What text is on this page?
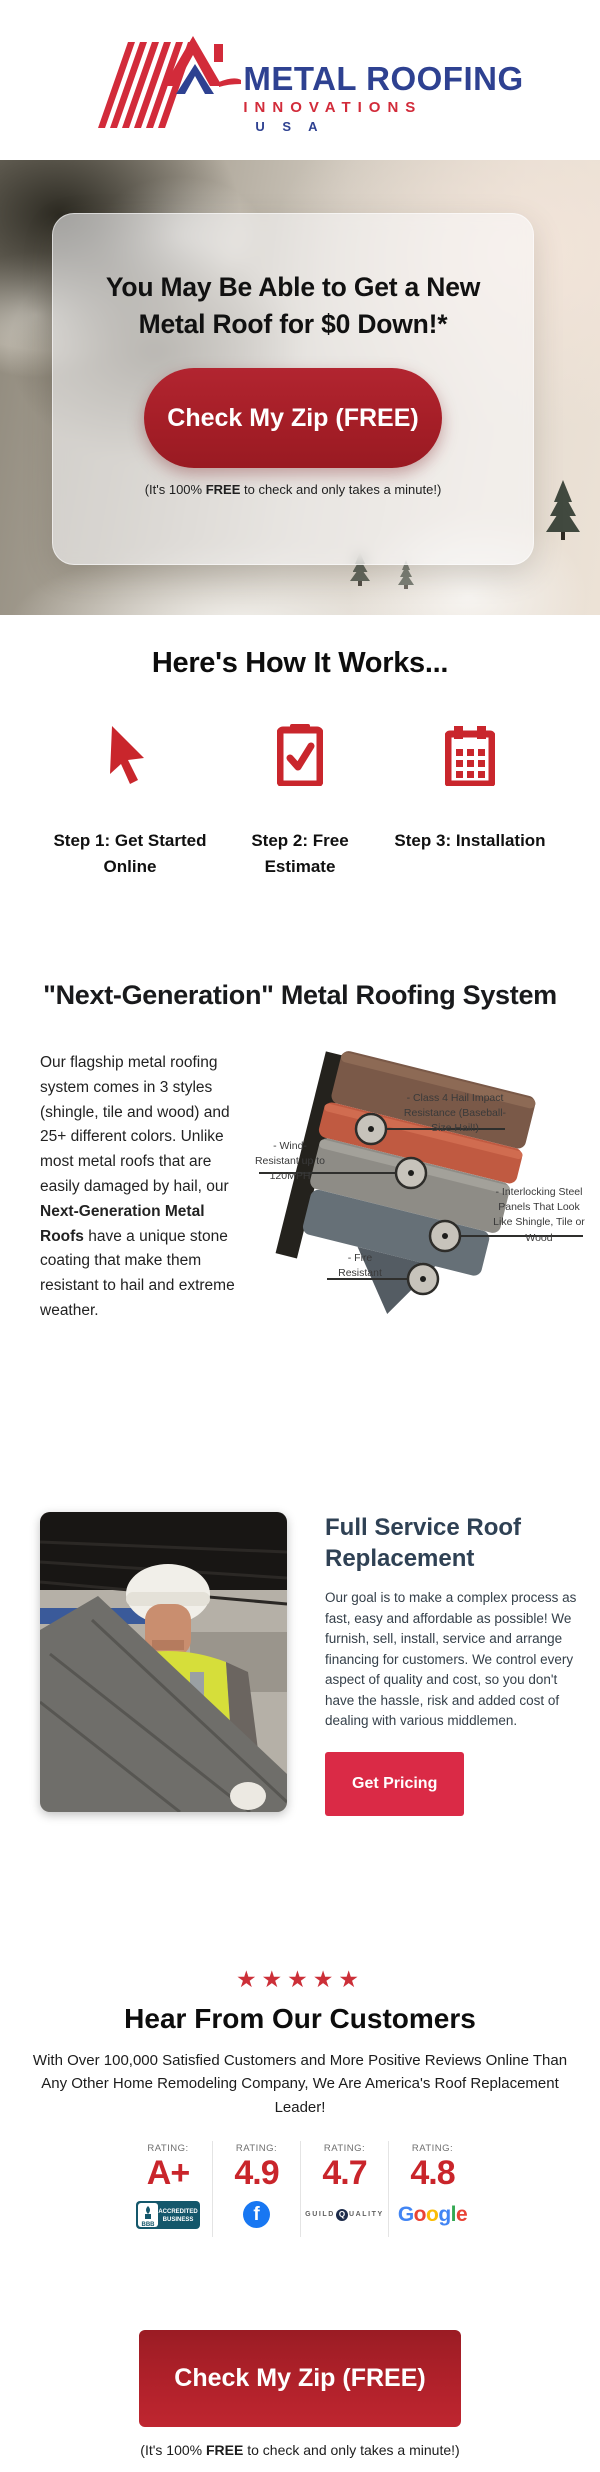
METAL ROOFING
INNOVATIONS
U S A
You May Be Able to Get a New Metal Roof for $0 Down!*
Check My Zip (FREE)
(It's 100% FREE to check and only takes a minute!)
Here's How It Works...
Step 1: Get Started Online
Step 2: Free Estimate
Step 3: Installation
"Next-Generation" Metal Roofing System
Our flagship metal roofing system comes in 3 styles (shingle, tile and wood) and 25+ different colors. Unlike most metal roofs that are easily damaged by hail, our Next-Generation Metal Roofs have a unique stone coating that make them resistant to hail and extreme weather.
- Class 4 Hail Impact Resistance (Baseball-Size Hail!)
- Wind-Resistant up to 120MPH
- Interlocking Steel Panels That Look Like Shingle, Tile or Wood
- Fire Resistant
Full Service Roof Replacement
Our goal is to make a complex process as fast, easy and affordable as possible! We furnish, sell, install, service and arrange financing for customers. We control every aspect of quality and cost, so you don't have the hassle, risk and added cost of dealing with various middlemen.
Get Pricing
★★★★★
Hear From Our Customers
With Over 100,000 Satisfied Customers and More Positive Reviews Online Than Any Other Home Remodeling Company, We Are America's Roof Replacement Leader!
RATING:
A+
BBB
ACCREDITED
BUSINESS
RATING:
4.9
f
RATING:
4.7
GUILD Q UALITY
RATING:
4.8
Google
Check My Zip (FREE)
(It's 100% FREE to check and only takes a minute!)
